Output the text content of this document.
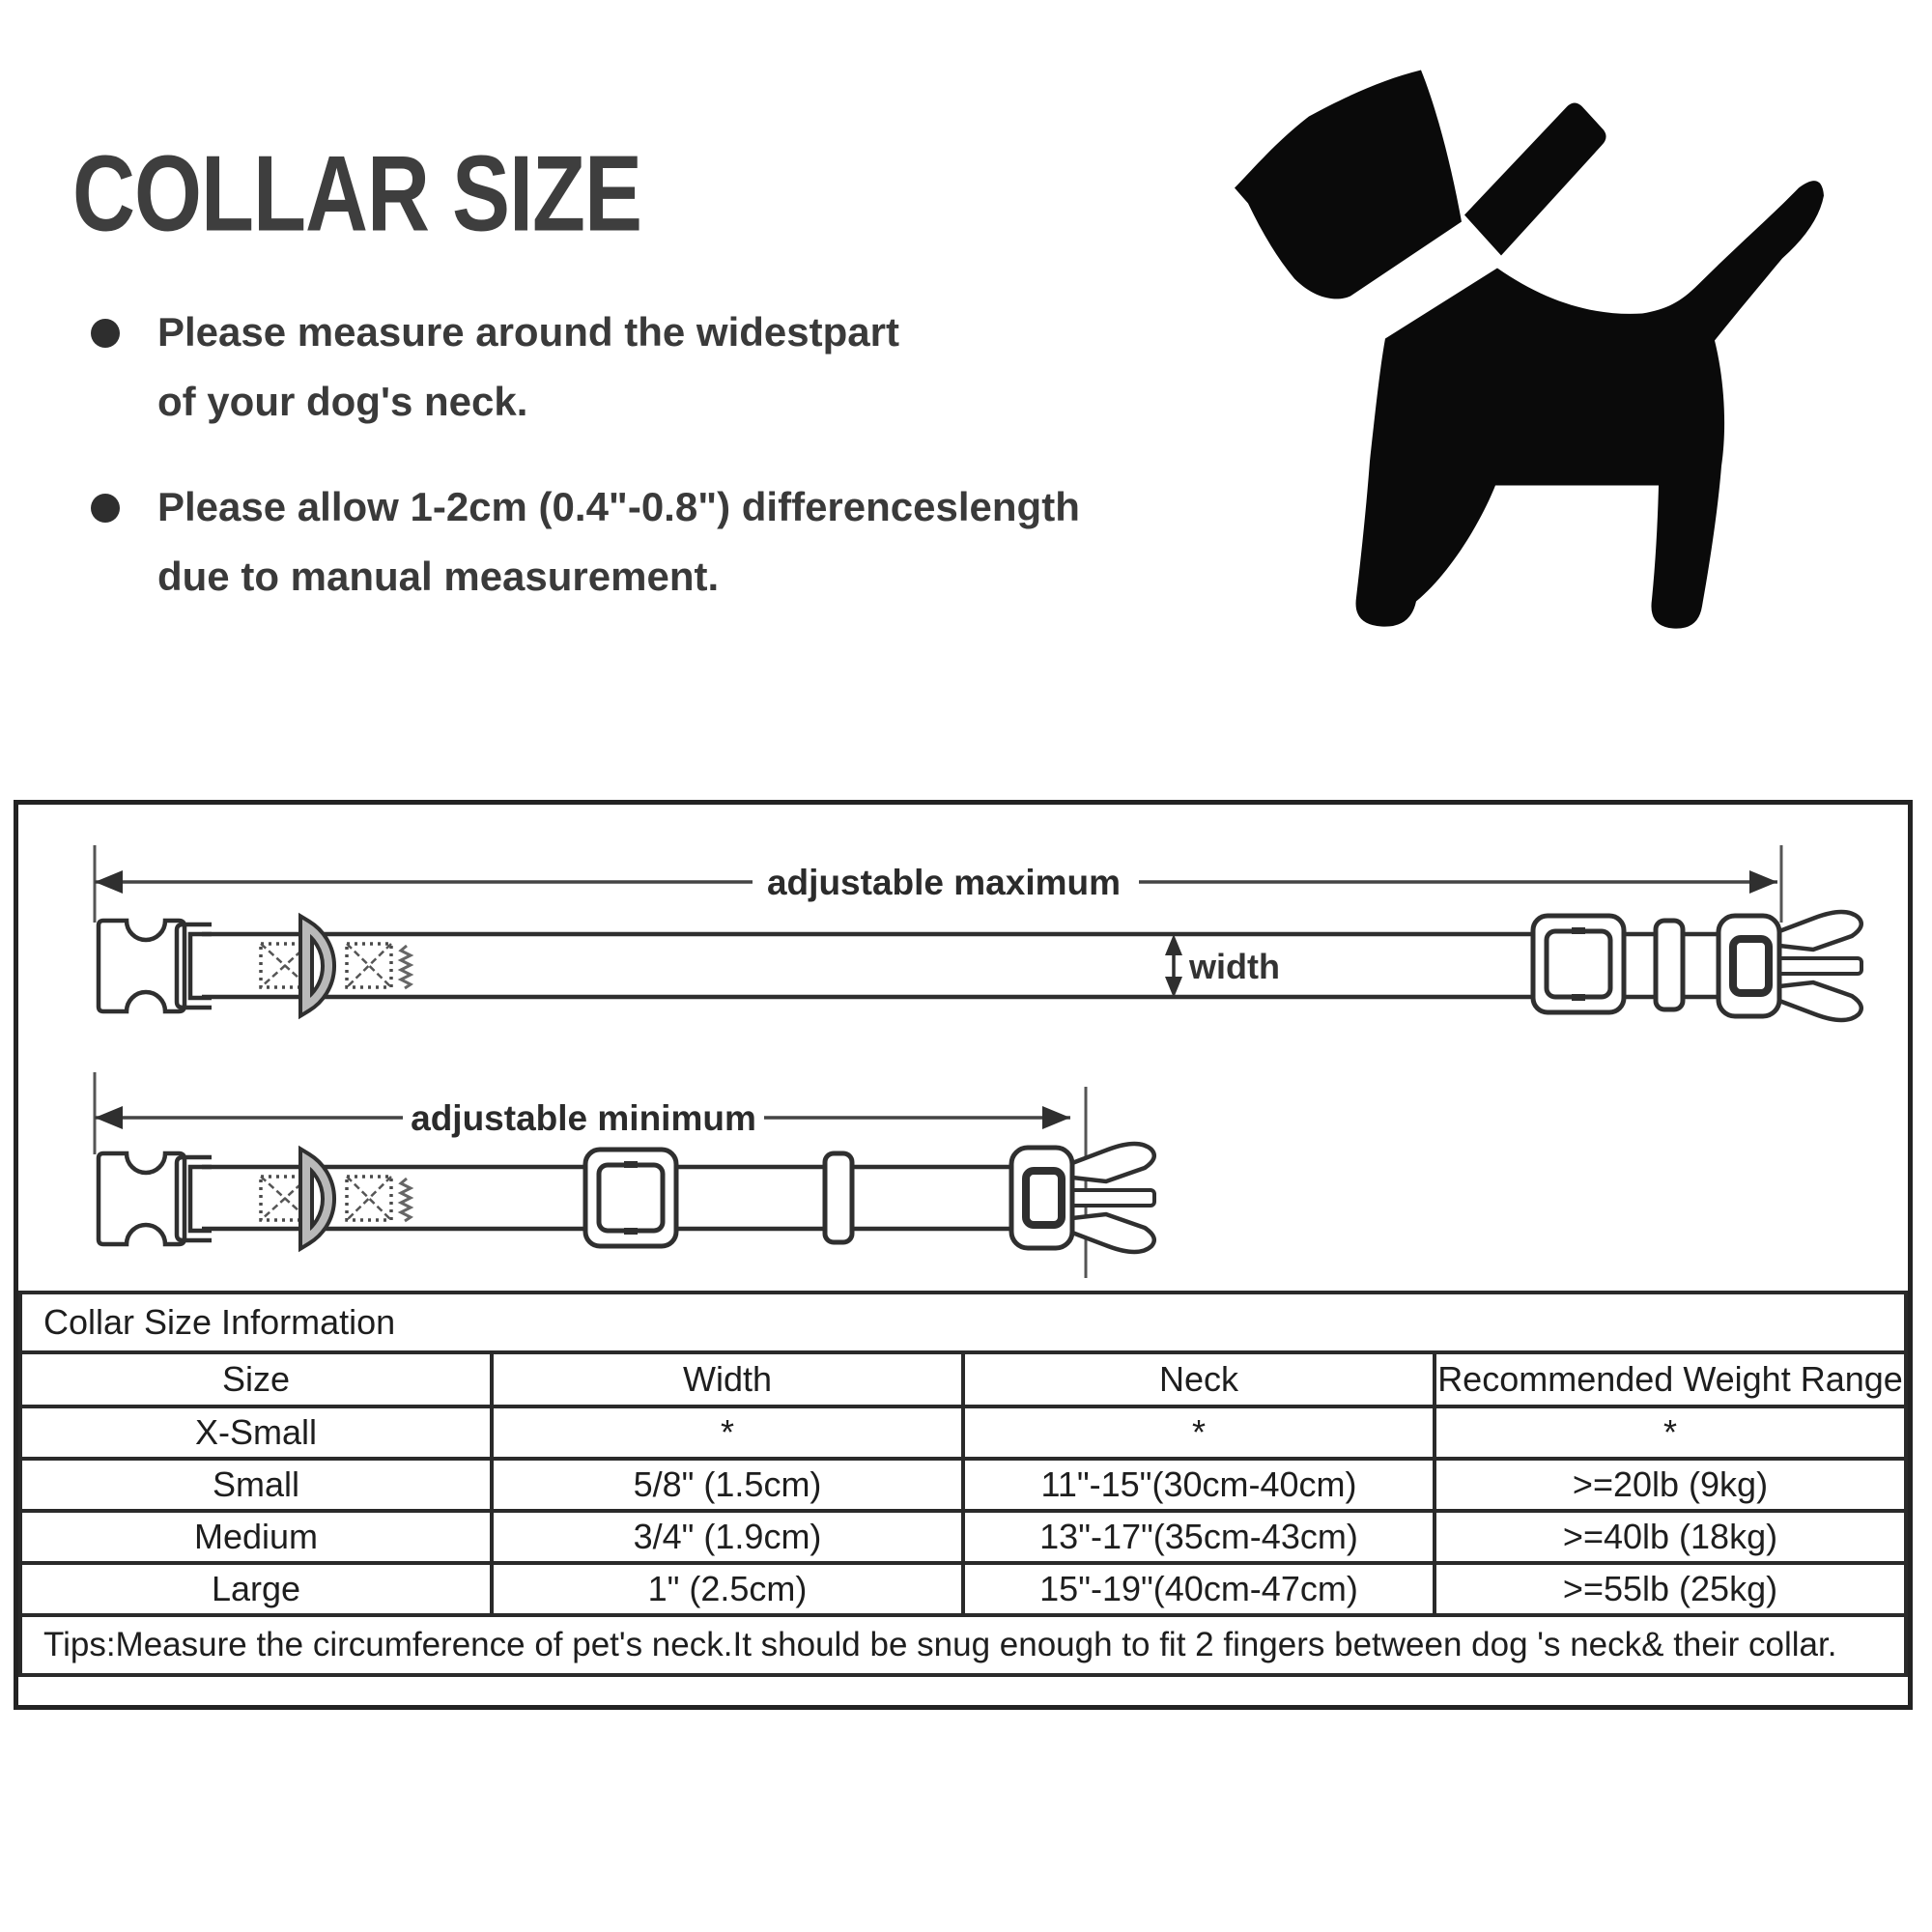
COLLAR SIZE
Please measure around the widestpart
of your dog's neck.
Please allow 1-2cm (0.4"-0.8") differenceslength
due to manual measurement.
adjustable maximum
width
adjustable minimum
Collar Size Information			
Size	Width	Neck	Recommended Weight Range
X-Small	*	*	*
Small	5/8" (1.5cm)	11"-15"(30cm-40cm)	>=20lb (9kg)
Medium	3/4" (1.9cm)	13"-17"(35cm-43cm)	>=40lb (18kg)
Large	1" (2.5cm)	15"-19"(40cm-47cm)	>=55lb (25kg)
Tips:Measure the circumference of pet's neck.It should be snug enough to fit 2 fingers between dog 's neck& their collar.			
